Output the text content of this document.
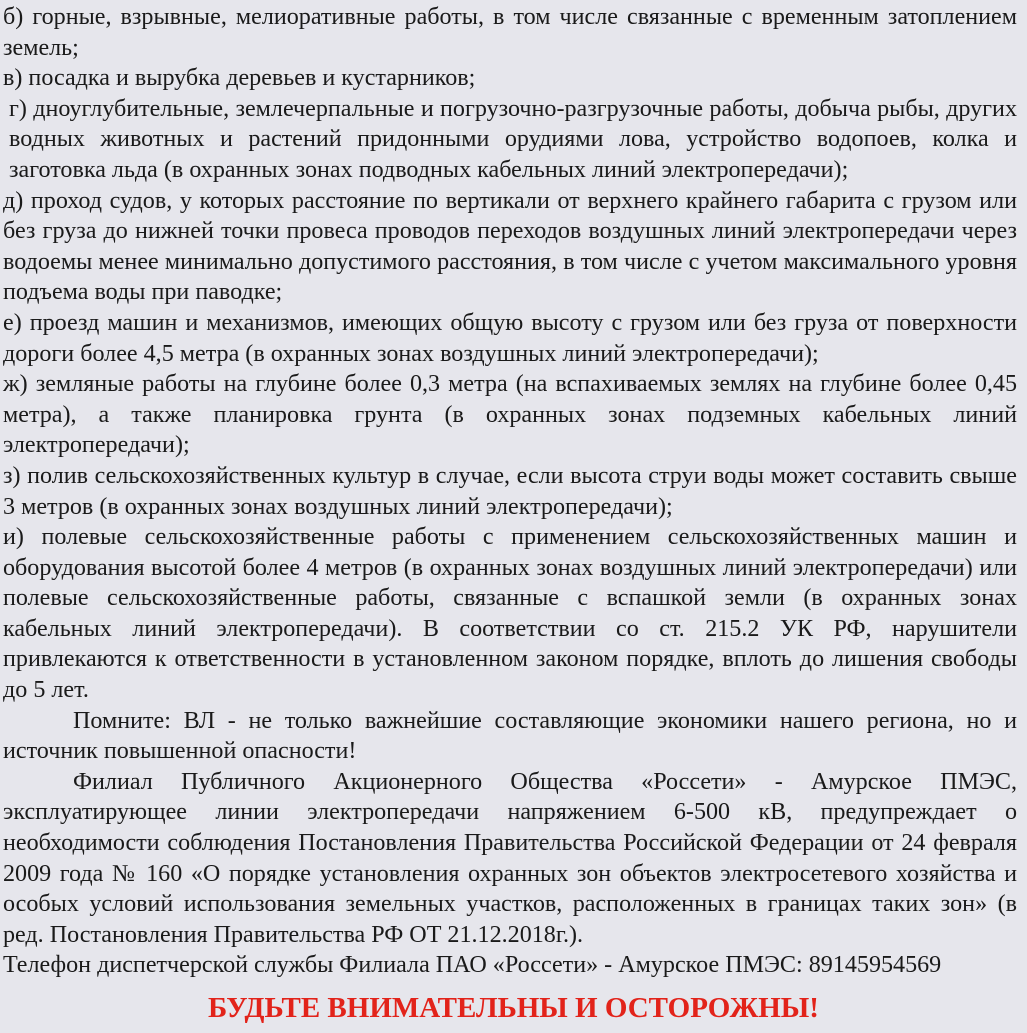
б) горные, взрывные, мелиоративные работы, в том числе связанные с временным затоплением земель;

в) посадка и вырубка деревьев и кустарников;

г) дноуглубительные, землечерпальные и погрузочно-разгрузочные работы, добыча рыбы, других водных животных и растений придонными орудиями лова, устройство водопоев, колка и заготовка льда (в охранных зонах подводных кабельных линий электропередачи);

д) проход судов, у которых расстояние по вертикали от верхнего крайнего габарита с грузом или без груза до нижней точки провеса проводов переходов воздушных линий электропередачи через водоемы менее минимально допустимого расстояния, в том числе с учетом максимального уровня подъема воды при паводке;

е) проезд машин и механизмов, имеющих общую высоту с грузом или без груза от поверхности дороги более 4,5 метра (в охранных зонах воздушных линий электропередачи);

ж) земляные работы на глубине более 0,3 метра (на вспахиваемых землях на глубине более 0,45 метра), а также планировка грунта (в охранных зонах подземных кабельных линий электропередачи);

з) полив сельскохозяйственных культур в случае, если высота струи воды может составить свыше 3 метров (в охранных зонах воздушных линий электропередачи);

и) полевые сельскохозяйственные работы с применением сельскохозяйственных машин и оборудования высотой более 4 метров (в охранных зонах воздушных линий электропередачи) или полевые сельскохозяйственные работы, связанные с вспашкой земли (в охранных зонах кабельных линий электропередачи). В соответствии со ст. 215.2 УК РФ, нарушители привлекаются к ответственности в установленном законом порядке, вплоть до лишения свободы до 5 лет.

Помните: ВЛ - не только важнейшие составляющие экономики нашего региона, но и источник повышенной опасности!

Филиал Публичного Акционерного Общества «Россети» - Амурское ПМЭС, эксплуатирующее линии электропередачи напряжением 6-500 кВ, предупреждает о необходимости соблюдения Постановления Правительства Российской Федерации от 24 февраля 2009 года № 160 «О порядке установления охранных зон объектов электросетевого хозяйства и особых условий использования земельных участков, расположенных в границах таких зон» (в ред. Постановления Правительства РФ ОТ 21.12.2018г.).

Телефон диспетчерской службы Филиала ПАО «Россети» - Амурское ПМЭС: 89145954569

БУДЬТЕ ВНИМАТЕЛЬНЫ И ОСТОРОЖНЫ!
